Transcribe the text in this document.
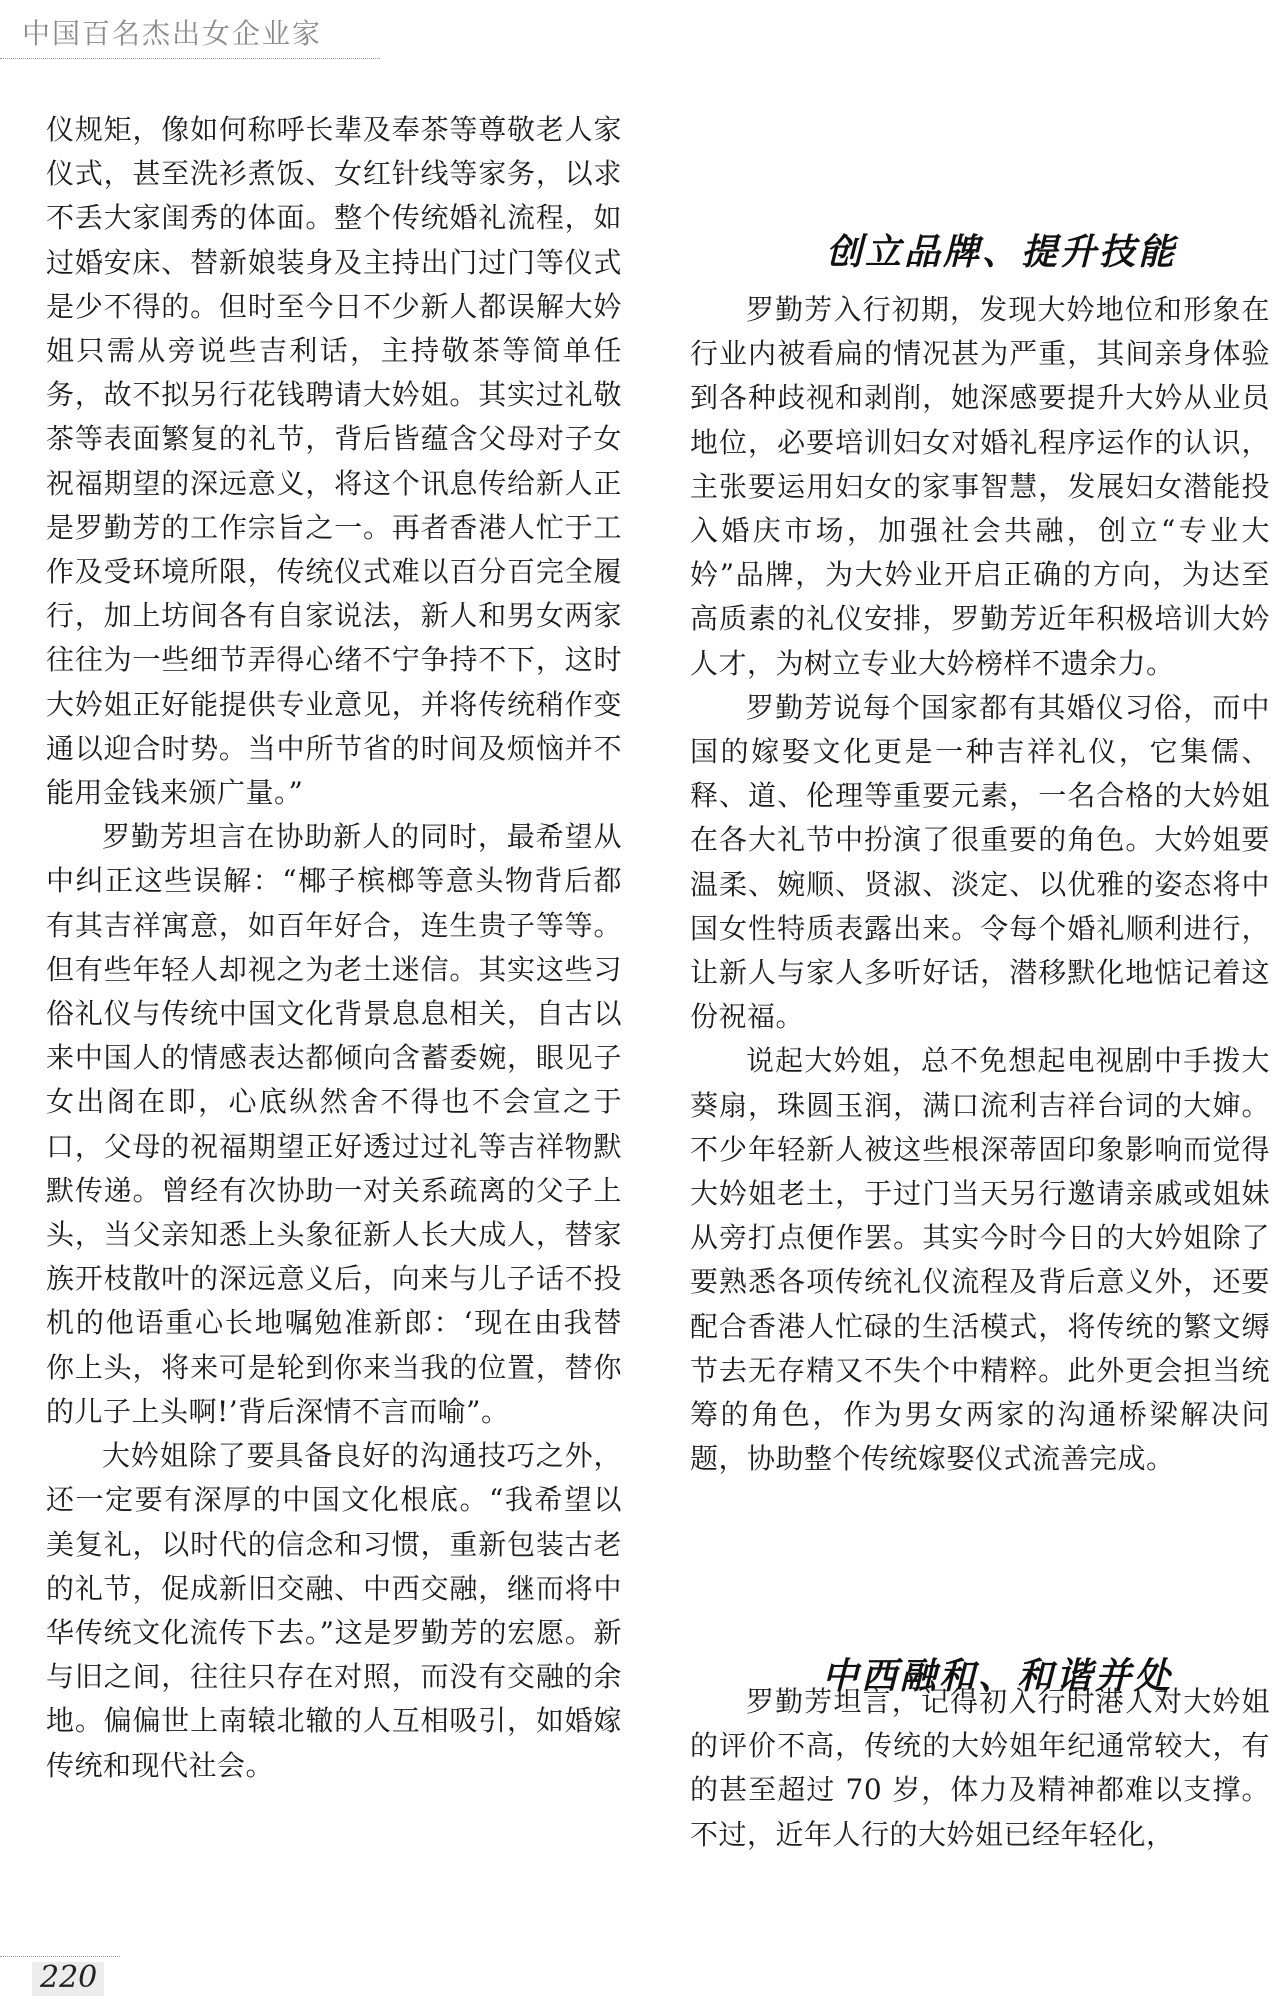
中国百名杰出女企业家

仪规矩，像如何称呼长辈及奉茶等尊敬老人家仪式，甚至洗衫煮饭、女红针线等家务，以求不丢大家闺秀的体面。整个传统婚礼流程，如过婚安床、替新娘装身及主持出门过门等仪式是少不得的。但时至今日不少新人都误解大妗姐只需从旁说些吉利话，主持敬茶等简单任务，故不拟另行花钱聘请大妗姐。其实过礼敬茶等表面繁复的礼节，背后皆蕴含父母对子女祝福期望的深远意义，将这个讯息传给新人正是罗勤芳的工作宗旨之一。再者香港人忙于工作及受环境所限，传统仪式难以百分百完全履行，加上坊间各有自家说法，新人和男女两家往往为一些细节弄得心绪不宁争持不下，这时大妗姐正好能提供专业意见，并将传统稍作变通以迎合时势。当中所节省的时间及烦恼并不能用金钱来颁广量。”

罗勤芳坦言在协助新人的同时，最希望从中纠正这些误解：“椰子槟榔等意头物背后都有其吉祥寓意，如百年好合，连生贵子等等。但有些年轻人却视之为老土迷信。其实这些习俗礼仪与传统中国文化背景息息相关，自古以来中国人的情感表达都倾向含蓄委婉，眼见子女出阁在即，心底纵然舍不得也不会宣之于口，父母的祝福期望正好透过过礼等吉祥物默默传递。曾经有次协助一对关系疏离的父子上头，当父亲知悉上头象征新人长大成人，替家族开枝散叶的深远意义后，向来与儿子话不投机的他语重心长地嘱勉准新郎：‘现在由我替你上头，将来可是轮到你来当我的位置，替你的儿子上头啊!’背后深情不言而喻”。

大妗姐除了要具备良好的沟通技巧之外，还一定要有深厚的中国文化根底。“我希望以美复礼，以时代的信念和习惯，重新包装古老的礼节，促成新旧交融、中西交融，继而将中华传统文化流传下去。”这是罗勤芳的宏愿。新与旧之间，往往只存在对照，而没有交融的余地。偏偏世上南辕北辙的人互相吸引，如婚嫁传统和现代社会。

创立品牌、提升技能

罗勤芳入行初期，发现大妗地位和形象在行业内被看扁的情况甚为严重，其间亲身体验到各种歧视和剥削，她深感要提升大妗从业员地位，必要培训妇女对婚礼程序运作的认识，主张要运用妇女的家事智慧，发展妇女潜能投入婚庆市场，加强社会共融，创立“专业大妗”品牌，为大妗业开启正确的方向，为达至高质素的礼仪安排，罗勤芳近年积极培训大妗人才，为树立专业大妗榜样不遗余力。

罗勤芳说每个国家都有其婚仪习俗，而中国的嫁娶文化更是一种吉祥礼仪，它集儒、释、道、伦理等重要元素，一名合格的大妗姐在各大礼节中扮演了很重要的角色。大妗姐要温柔、婉顺、贤淑、淡定、以优雅的姿态将中国女性特质表露出来。令每个婚礼顺利进行，让新人与家人多听好话，潜移默化地惦记着这份祝福。

说起大妗姐，总不免想起电视剧中手拨大葵扇，珠圆玉润，满口流利吉祥台词的大婶。不少年轻新人被这些根深蒂固印象影响而觉得大妗姐老土，于过门当天另行邀请亲戚或姐妹从旁打点便作罢。其实今时今日的大妗姐除了要熟悉各项传统礼仪流程及背后意义外，还要配合香港人忙碌的生活模式，将传统的繁文缛节去无存精又不失个中精粹。此外更会担当统筹的角色，作为男女两家的沟通桥梁解决问题，协助整个传统嫁娶仪式流善完成。

中西融和、和谐并处

罗勤芳坦言，记得初入行时港人对大妗姐的评价不高，传统的大妗姐年纪通常较大，有的甚至超过 70 岁，体力及精神都难以支撑。不过，近年人行的大妗姐已经年轻化，

220
